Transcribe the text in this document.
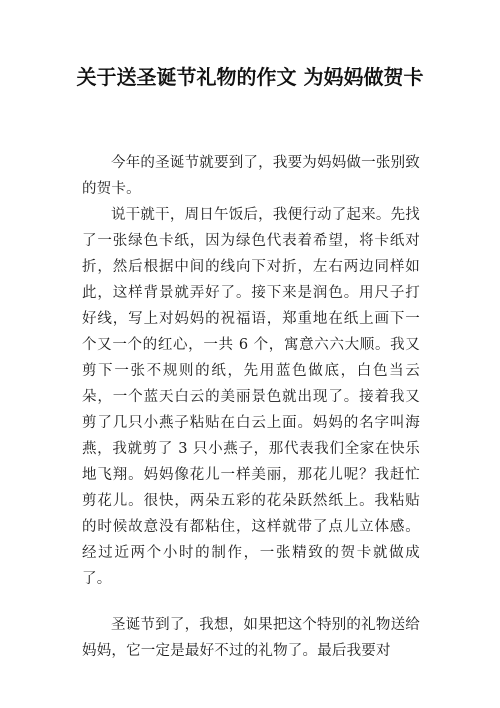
关于送圣诞节礼物的作文 为妈妈做贺卡

今年的圣诞节就要到了，我要为妈妈做一张别致的贺卡。

说干就干，周日午饭后，我便行动了起来。先找了一张绿色卡纸，因为绿色代表着希望，将卡纸对折，然后根据中间的线向下对折，左右两边同样如此，这样背景就弄好了。接下来是润色。用尺子打好线，写上对妈妈的祝福语，郑重地在纸上画下一个又一个的红心，一共 6 个，寓意六六大顺。我又剪下一张不规则的纸，先用蓝色做底，白色当云朵，一个蓝天白云的美丽景色就出现了。接着我又剪了几只小燕子粘贴在白云上面。妈妈的名字叫海燕，我就剪了 3 只小燕子，那代表我们全家在快乐地飞翔。妈妈像花儿一样美丽，那花儿呢？我赶忙剪花儿。很快，两朵五彩的花朵跃然纸上。我粘贴的时候故意没有都粘住，这样就带了点儿立体感。经过近两个小时的制作，一张精致的贺卡就做成了。

圣诞节到了，我想，如果把这个特别的礼物送给妈妈，它一定是最好不过的礼物了。最后我要对
